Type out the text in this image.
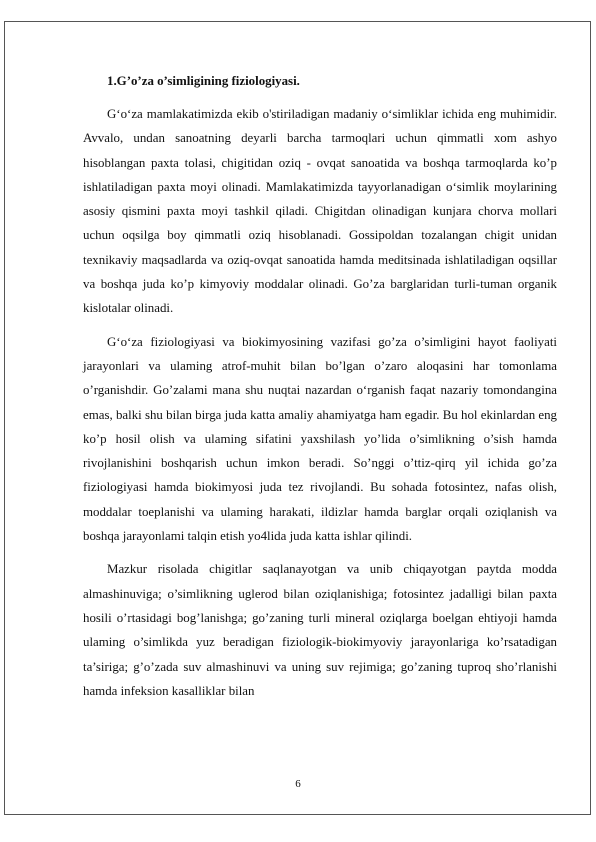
1.G’o’za o’simligining fiziologiyasi.

G‘o‘za mamlakatimizda ekib o'stiriladigan madaniy o‘simliklar ichida eng muhimidir. Avvalo, undan sanoatning deyarli barcha tarmoqlari uchun qimmatli xom ashyo hisoblangan paxta tolasi, chigitidan oziq - ovqat sanoatida va boshqa tarmoqlarda ko’p ishlatiladigan paxta moyi olinadi. Mamlakatimizda tayyorlanadigan o‘simlik moylarining asosiy qismini paxta moyi tashkil qiladi. Chigitdan olinadigan kunjara chorva mollari uchun oqsilga boy qimmatli oziq hisoblanadi. Gossipoldan tozalangan chigit unidan texnikaviy maqsadlarda va oziq-ovqat sanoatida hamda meditsinada ishlatiladigan oqsillar va boshqa juda ko’p kimyoviy moddalar olinadi. Go’za barglaridan turli-tuman organik kislotalar olinadi.

G‘o‘za fiziologiyasi va biokimyosining vazifasi go’za o’simligini hayot faoliyati jarayonlari va ulaming atrof-muhit bilan bo’lgan o’zaro aloqasini har tomonlama o’rganishdir. Go’zalami mana shu nuqtai nazardan o‘rganish faqat nazariy tomondangina emas, balki shu bilan birga juda katta amaliy ahamiyatga ham egadir. Bu hol ekinlardan eng ko’p hosil olish va ulaming sifatini yaxshilash yo’lida o’simlikning o’sish hamda rivojlanishini boshqarish uchun imkon beradi. So’nggi o’ttiz-qirq yil ichida go’za fiziologiyasi hamda biokimyosi juda tez rivojlandi. Bu sohada fotosintez, nafas olish, moddalar toeplanishi va ulaming harakati, ildizlar hamda barglar orqali oziqlanish va boshqa jarayonlami talqin etish yo4lida juda katta ishlar qilindi.

Mazkur risolada chigitlar saqlanayotgan va unib chiqayotgan paytda modda almashinuviga; o’simlikning uglerod bilan oziqlanishiga; fotosintez jadalligi bilan paxta hosili o’rtasidagi bog’lanishga; go’zaning turli mineral oziqlarga boelgan ehtiyoji hamda ulaming o’simlikda yuz beradigan fiziologik-biokimyoviy jarayonlariga ko’rsatadigan ta’siriga; g’o’zada suv almashinuvi va uning suv rejimiga; go’zaning tuproq sho’rlanishi hamda infeksion kasalliklar bilan

6
